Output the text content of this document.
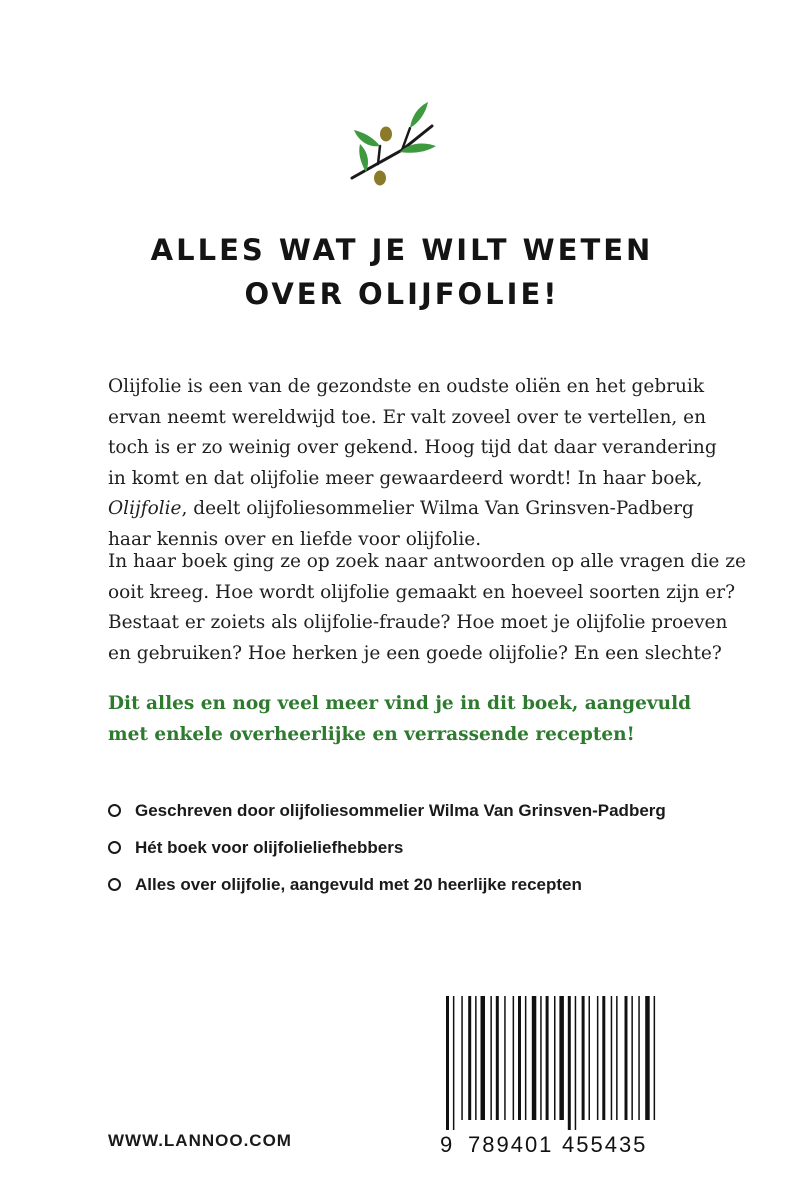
ALLES WAT JE WILT WETEN
OVER OLIJFOLIE!
Olijfolie is een van de gezondste en oudste oliën en het gebruik
ervan neemt wereldwijd toe. Er valt zoveel over te vertellen, en
toch is er zo weinig over gekend. Hoog tijd dat daar verandering
in komt en dat olijfolie meer gewaardeerd wordt! In haar boek,
Olijfolie, deelt olijfoliesommelier Wilma Van Grinsven-Padberg
haar kennis over en liefde voor olijfolie.
In haar boek ging ze op zoek naar antwoorden op alle vragen die ze
ooit kreeg. Hoe wordt olijfolie gemaakt en hoeveel soorten zijn er?
Bestaat er zoiets als olijfolie-fraude? Hoe moet je olijfolie proeven
en gebruiken? Hoe herken je een goede olijfolie? En een slechte?
Dit alles en nog veel meer vind je in dit boek, aangevuld
met enkele overheerlijke en verrassende recepten!
Geschreven door olijfoliesommelier Wilma Van Grinsven-Padberg
Hét boek voor olijfolieliefhebbers
Alles over olijfolie, aangevuld met 20 heerlijke recepten
WWW.LANNOO.COM	9 789401 455435
